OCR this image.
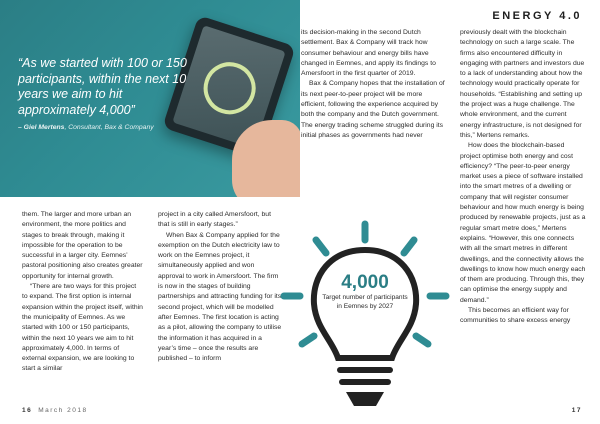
“As we started with 100 or 150 participants, within the next 10 years we aim to hit approximately 4,000”
– Giel Mertens, Consultant, Bax & Company
ENERGY 4.0

them. The larger and more urban an environment, the more politics and stages to break through, making it impossible for the operation to be successful in a larger city. Eemnes’ pastoral positioning also creates greater opportunity for internal growth.

“There are two ways for this project to expand. The first option is internal expansion within the project itself, within the municipality of Eemnes. As we started with 100 or 150 participants, within the next 10 years we aim to hit approximately 4,000. In terms of external expansion, we are looking to start a similar

project in a city called Amersfoort, but that is still in early stages.”

When Bax & Company applied for the exemption on the Dutch electricity law to work on the Eemnes project, it simultaneously applied and won approval to work in Amersfoort. The firm is now in the stages of building partnerships and attracting funding for its second project, which will be modelled after Eemnes. The first location is acting as a pilot, allowing the company to utilise the information it has acquired in a year’s time – once the results are published – to inform

its decision-making in the second Dutch settlement. Bax & Company will track how consumer behaviour and energy bills have changed in Eemnes, and apply its findings to Amersfoort in the first quarter of 2019.

Bax & Company hopes that the installation of its next peer-to-peer project will be more efficient, following the experience acquired by both the company and the Dutch government. The energy trading scheme struggled during its initial phases as governments had never

previously dealt with the blockchain technology on such a large scale. The firms also encountered difficulty in engaging with partners and investors due to a lack of understanding about how the technology would practically operate for households. “Establishing and setting up the project was a huge challenge. The whole environment, and the current energy infrastructure, is not designed for this,” Mertens remarks.

How does the blockchain-based project optimise both energy and cost efficiency? “The peer-to-peer energy market uses a piece of software installed into the smart metres of a dwelling or company that will register consumer behaviour and how much energy is being produced by renewable projects, just as a regular smart metre does,” Mertens explains. “However, this one connects with all the smart metres in different dwellings, and the connectivity allows the dwellings to know how much energy each of them are producing. Through this, they can optimise the energy supply and demand.”

This becomes an efficient way for communities to share excess energy

4,000
Target number of participants in Eemnes by 2027
16 March 2018	17
